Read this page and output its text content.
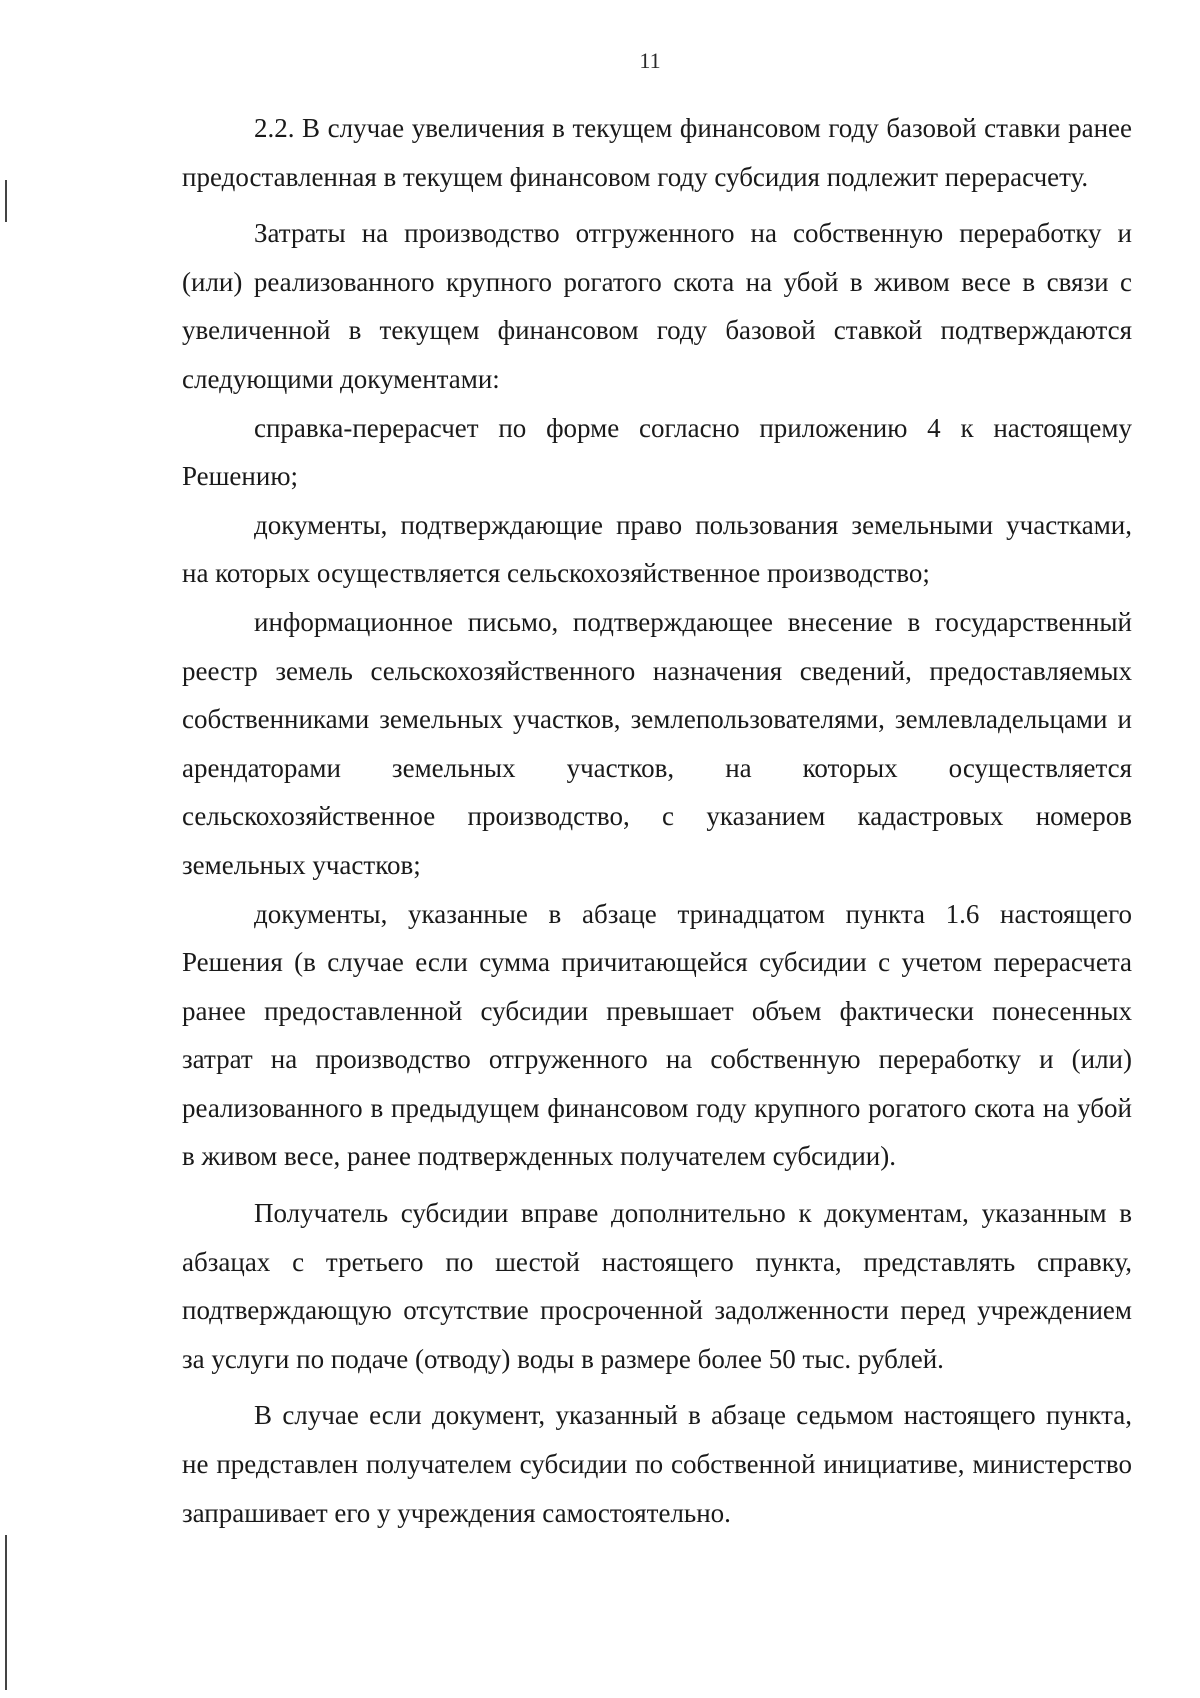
11

2.2. В случае увеличения в текущем финансовом году базовой ставки ранее предоставленная в текущем финансовом году субсидия подлежит перерасчету.

Затраты на производство отгруженного на собственную переработку и (или) реализованного крупного рогатого скота на убой в живом весе в связи с увеличенной в текущем финансовом году базовой ставкой подтверждаются следующими документами:

справка-перерасчет по форме согласно приложению 4 к настоящему Решению;

документы, подтверждающие право пользования земельными участками, на которых осуществляется сельскохозяйственное производство;

информационное письмо, подтверждающее внесение в государственный реестр земель сельскохозяйственного назначения сведений, предоставляемых собственниками земельных участков, землепользователями, землевладельцами и арендаторами земельных участков, на которых осуществляется сельскохозяйственное производство, с указанием кадастровых номеров земельных участков;

документы, указанные в абзаце тринадцатом пункта 1.6 настоящего Решения (в случае если сумма причитающейся субсидии с учетом перерасчета ранее предоставленной субсидии превышает объем фактически понесенных затрат на производство отгруженного на собственную переработку и (или) реализованного в предыдущем финансовом году крупного рогатого скота на убой в живом весе, ранее подтвержденных получателем субсидии).

Получатель субсидии вправе дополнительно к документам, указанным в абзацах с третьего по шестой настоящего пункта, представлять справку, подтверждающую отсутствие просроченной задолженности перед учреждением за услуги по подаче (отводу) воды в размере более 50 тыс. рублей.

В случае если документ, указанный в абзаце седьмом настоящего пункта, не представлен получателем субсидии по собственной инициативе, министерство запрашивает его у учреждения самостоятельно.
